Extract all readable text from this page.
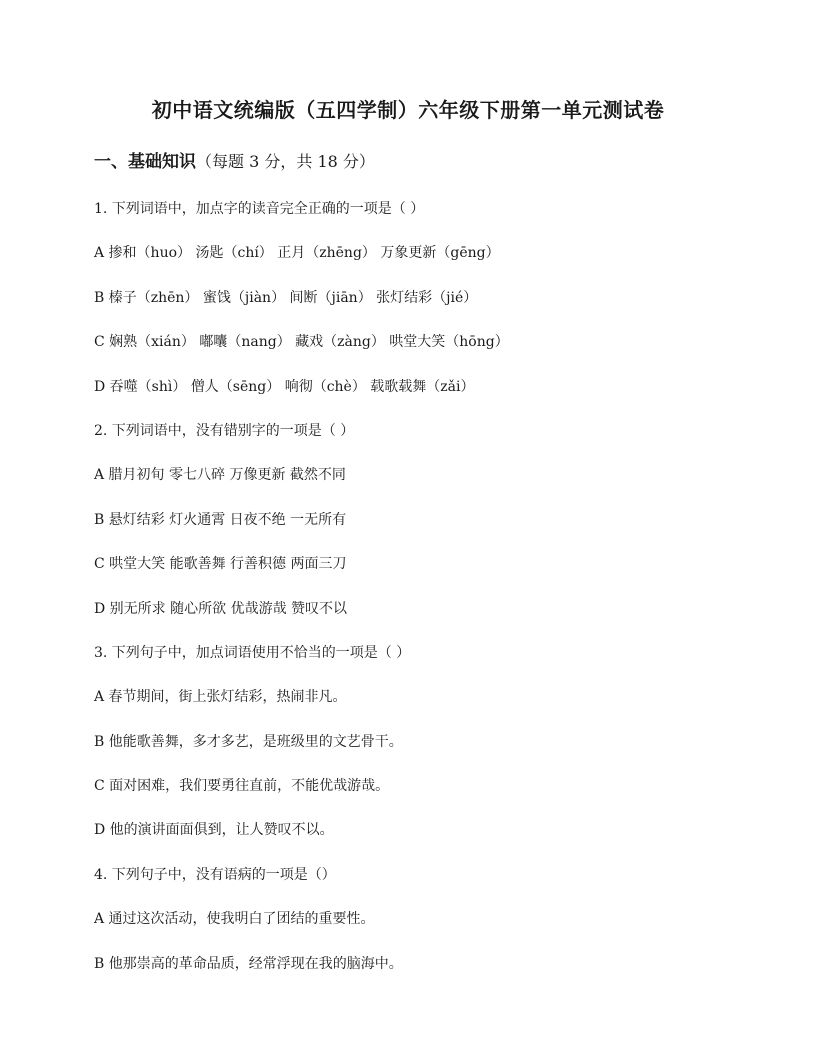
初中语文统编版（五四学制）六年级下册第一单元测试卷
一、基础知识（每题 3 分，共 18 分）
1. 下列词语中，加点字的读音完全正确的一项是（ ）
A 掺和（huo） 汤匙（chí） 正月（zhēng） 万象更新（gēng）
B 榛子（zhēn） 蜜饯（jiàn） 间断（jiān） 张灯结彩（jié）
C 娴熟（xián） 嘟囔（nang） 藏戏（zàng） 哄堂大笑（hōng）
D 吞噬（shì） 僧人（sēng） 响彻（chè） 载歌载舞（zǎi）
2. 下列词语中，没有错别字的一项是（ ）
A 腊月初旬 零七八碎 万像更新 截然不同
B 悬灯结彩 灯火通霄 日夜不绝 一无所有
C 哄堂大笑 能歌善舞 行善积德 两面三刀
D 别无所求 随心所欲 优哉游哉 赞叹不以
3. 下列句子中，加点词语使用不恰当的一项是（ ）
A 春节期间，街上张灯结彩，热闹非凡。
B 他能歌善舞，多才多艺，是班级里的文艺骨干。
C 面对困难，我们要勇往直前，不能优哉游哉。
D 他的演讲面面俱到，让人赞叹不以。
4. 下列句子中，没有语病的一项是（）
A 通过这次活动，使我明白了团结的重要性。
B 他那崇高的革命品质，经常浮现在我的脑海中。
